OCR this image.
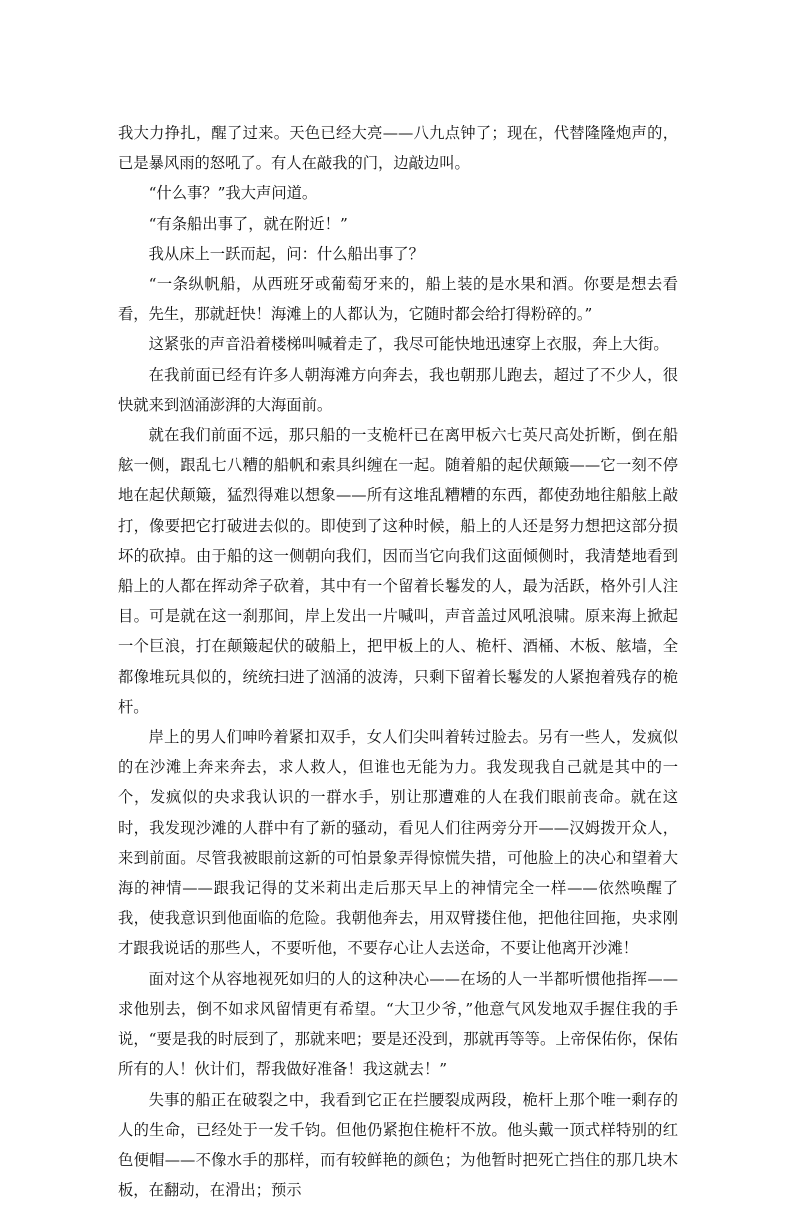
我大力挣扎，醒了过来。天色已经大亮——八九点钟了；现在，代替隆隆炮声的，已是暴风雨的怒吼了。有人在敲我的门，边敲边叫。

“什么事？”我大声问道。

“有条船出事了，就在附近！”

我从床上一跃而起，问：什么船出事了？

“一条纵帆船，从西班牙或葡萄牙来的，船上装的是水果和酒。你要是想去看看，先生，那就赶快！海滩上的人都认为，它随时都会给打得粉碎的。”

这紧张的声音沿着楼梯叫喊着走了，我尽可能快地迅速穿上衣服，奔上大街。

在我前面已经有许多人朝海滩方向奔去，我也朝那儿跑去，超过了不少人，很快就来到汹涌澎湃的大海面前。

就在我们前面不远，那只船的一支桅杆已在离甲板六七英尺高处折断，倒在船舷一侧，跟乱七八糟的船帆和索具纠缠在一起。随着船的起伏颠簸——它一刻不停地在起伏颠簸，猛烈得难以想象——所有这堆乱糟糟的东西，都使劲地往船舷上敲打，像要把它打破进去似的。即使到了这种时候，船上的人还是努力想把这部分损坏的砍掉。由于船的这一侧朝向我们，因而当它向我们这面倾侧时，我清楚地看到船上的人都在挥动斧子砍着，其中有一个留着长鬈发的人，最为活跃，格外引人注目。可是就在这一刹那间，岸上发出一片喊叫，声音盖过风吼浪啸。原来海上掀起一个巨浪，打在颠簸起伏的破船上，把甲板上的人、桅杆、酒桶、木板、舷墙，全都像堆玩具似的，统统扫进了汹涌的波涛，只剩下留着长鬈发的人紧抱着残存的桅杆。

岸上的男人们呻吟着紧扣双手，女人们尖叫着转过脸去。另有一些人，发疯似的在沙滩上奔来奔去，求人救人，但谁也无能为力。我发现我自己就是其中的一个，发疯似的央求我认识的一群水手，别让那遭难的人在我们眼前丧命。就在这时，我发现沙滩的人群中有了新的骚动，看见人们往两旁分开——汉姆拨开众人，来到前面。尽管我被眼前这新的可怕景象弄得惊慌失措，可他脸上的决心和望着大海的神情——跟我记得的艾米莉出走后那天早上的神情完全一样——依然唤醒了我，使我意识到他面临的危险。我朝他奔去，用双臂搂住他，把他往回拖，央求刚才跟我说话的那些人，不要听他，不要存心让人去送命，不要让他离开沙滩！

面对这个从容地视死如归的人的这种决心——在场的人一半都听惯他指挥——求他别去，倒不如求风留情更有希望。“大卫少爷，”他意气风发地双手握住我的手说，“要是我的时辰到了，那就来吧；要是还没到，那就再等等。上帝保佑你，保佑所有的人！伙计们，帮我做好准备！我这就去！”

失事的船正在破裂之中，我看到它正在拦腰裂成两段，桅杆上那个唯一剩存的人的生命，已经处于一发千钧。但他仍紧抱住桅杆不放。他头戴一顶式样特别的红色便帽——不像水手的那样，而有较鲜艳的颜色；为他暂时把死亡挡住的那几块木板，在翻动，在滑出；预示
